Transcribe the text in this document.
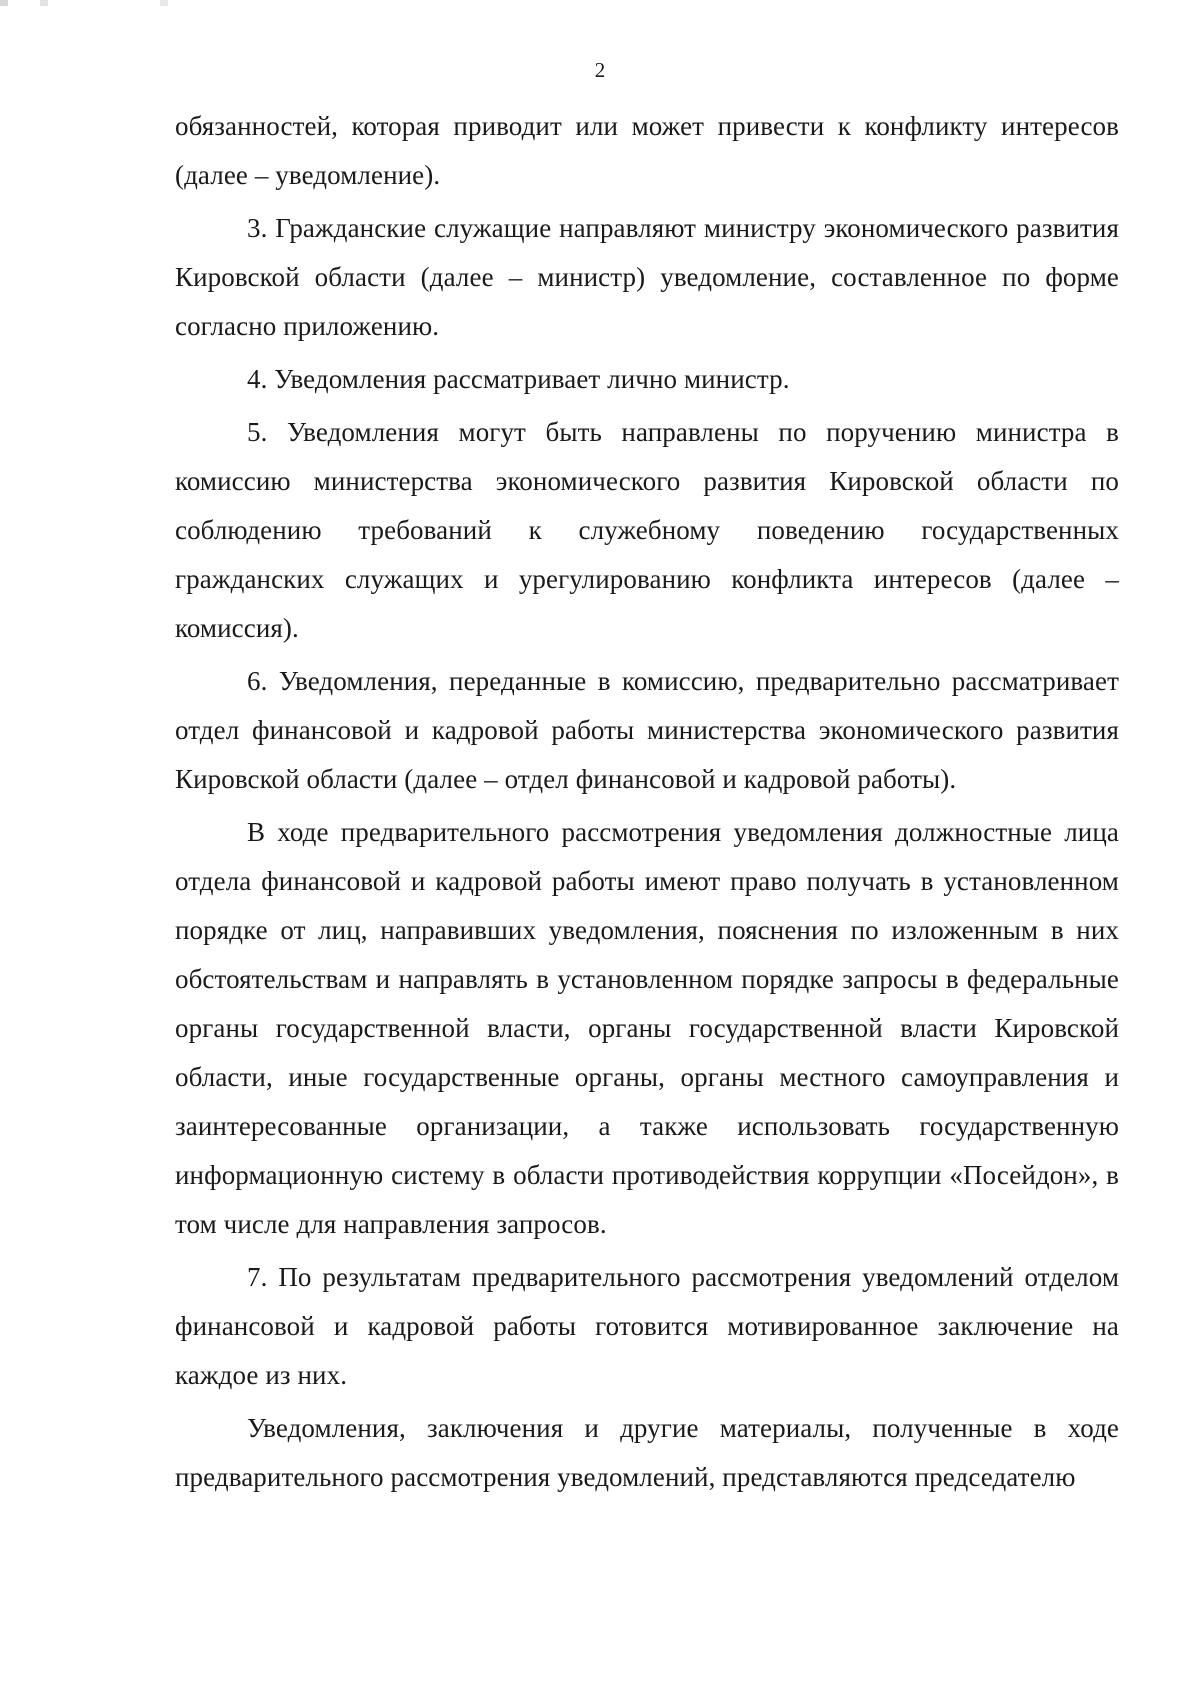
2

обязанностей, которая приводит или может привести к конфликту интересов (далее – уведомление).

3. Гражданские служащие направляют министру экономического развития Кировской области (далее – министр) уведомление, составленное по форме согласно приложению.

4. Уведомления рассматривает лично министр.

5. Уведомления могут быть направлены по поручению министра в комиссию министерства экономического развития Кировской области по соблюдению требований к служебному поведению государственных гражданских служащих и урегулированию конфликта интересов (далее – комиссия).

6. Уведомления, переданные в комиссию, предварительно рассматривает отдел финансовой и кадровой работы министерства экономического развития Кировской области (далее – отдел финансовой и кадровой работы).

В ходе предварительного рассмотрения уведомления должностные лица отдела финансовой и кадровой работы имеют право получать в установленном порядке от лиц, направивших уведомления, пояснения по изложенным в них обстоятельствам и направлять в установленном порядке запросы в федеральные органы государственной власти, органы государственной власти Кировской области, иные государственные органы, органы местного самоуправления и заинтересованные организации, а также использовать государственную информационную систему в области противодействия коррупции «Посейдон», в том числе для направления запросов.

7. По результатам предварительного рассмотрения уведомлений отделом финансовой и кадровой работы готовится мотивированное заключение на каждое из них.

Уведомления, заключения и другие материалы, полученные в ходе предварительного рассмотрения уведомлений, представляются председателю
